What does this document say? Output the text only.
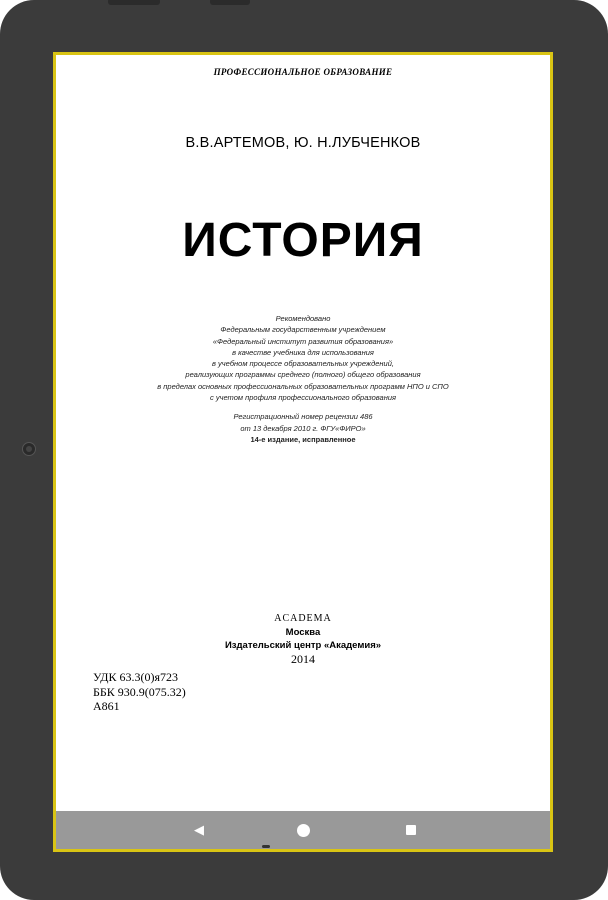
ПРОФЕССИОНАЛЬНОЕ ОБРАЗОВАНИЕ
В.В.АРТЕМОВ, Ю. Н.ЛУБЧЕНКОВ
ИСТОРИЯ
Рекомендовано
Федеральным государственным учреждением
«Федеральный институт развития образования»
в качестве учебника для использования
в учебном процессе образовательных учреждений,
реализующих программы среднего (полного) общего образования
в пределах основных профессиональных образовательных программ НПО и СПО
с учетом профиля профессионального образования
Регистрационный номер рецензии 486
от 13 декабря 2010 г. ФГУ«ФИРО»
14-е издание, исправленное
ACADEMA
Москва
Издательский центр «Академия»
2014
УДК 63.3(0)я723
ББК 930.9(075.32)
А861
◀
